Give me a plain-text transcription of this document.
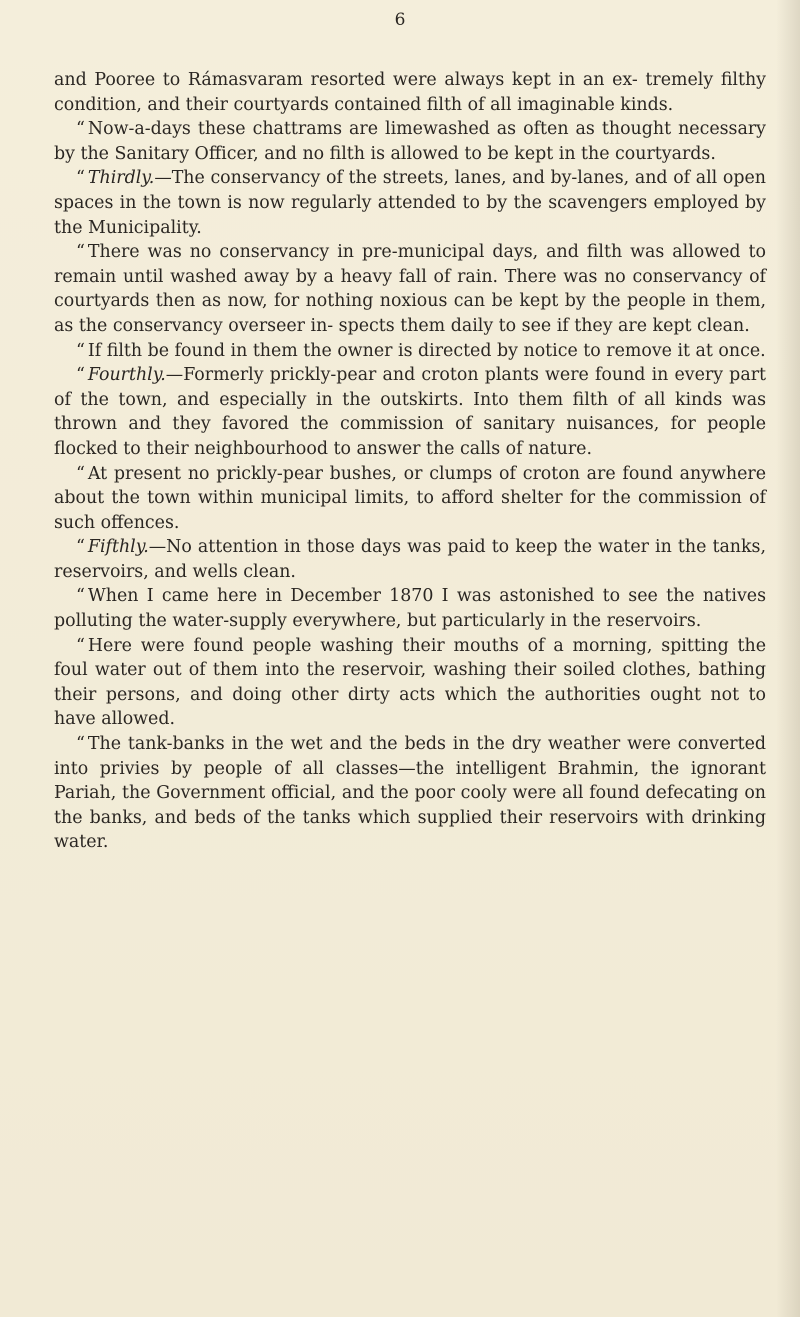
6

and Pooree to Rámasvaram resorted were always kept in an ex- tremely filthy condition, and their courtyards contained filth of all imaginable kinds.

“ Now-a-days these chattrams are limewashed as often as thought necessary by the Sanitary Officer, and no filth is allowed to be kept in the courtyards.

“ Thirdly.—The conservancy of the streets, lanes, and by-lanes, and of all open spaces in the town is now regularly attended to by the scavengers employed by the Municipality.

“ There was no conservancy in pre-municipal days, and filth was allowed to remain until washed away by a heavy fall of rain. There was no conservancy of courtyards then as now, for nothing noxious can be kept by the people in them, as the conservancy overseer in- spects them daily to see if they are kept clean.

“ If filth be found in them the owner is directed by notice to remove it at once.

“ Fourthly.—Formerly prickly-pear and croton plants were found in every part of the town, and especially in the outskirts. Into them filth of all kinds was thrown and they favored the commission of sanitary nuisances, for people flocked to their neighbourhood to answer the calls of nature.

“ At present no prickly-pear bushes, or clumps of croton are found anywhere about the town within municipal limits, to afford shelter for the commission of such offences.

“ Fifthly.—No attention in those days was paid to keep the water in the tanks, reservoirs, and wells clean.

“ When I came here in December 1870 I was astonished to see the natives polluting the water-supply everywhere, but particularly in the reservoirs.

“ Here were found people washing their mouths of a morning, spitting the foul water out of them into the reservoir, washing their soiled clothes, bathing their persons, and doing other dirty acts which the authorities ought not to have allowed.

“ The tank-banks in the wet and the beds in the dry weather were converted into privies by people of all classes—the intelligent Brahmin, the ignorant Pariah, the Government official, and the poor cooly were all found defecating on the banks, and beds of the tanks which supplied their reservoirs with drinking water.
